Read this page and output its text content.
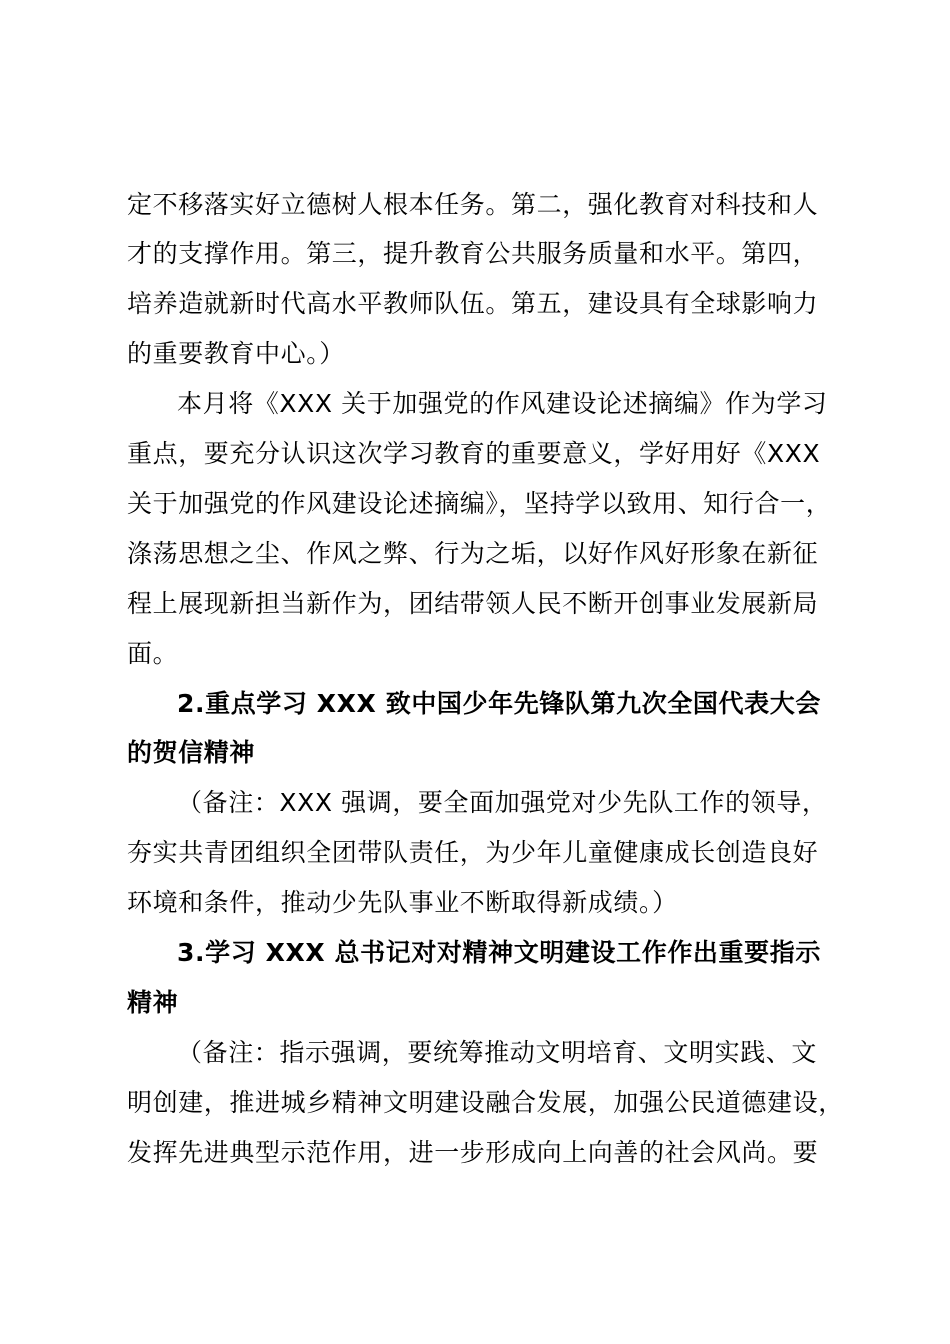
定不移落实好立德树人根本任务。第二，强化教育对科技和人
才的支撑作用。第三，提升教育公共服务质量和水平。第四，
培养造就新时代高水平教师队伍。第五，建设具有全球影响力
的重要教育中心。）
本月将《XXX 关于加强党的作风建设论述摘编》作为学习
重点，要充分认识这次学习教育的重要意义，学好用好《XXX
关于加强党的作风建设论述摘编》，坚持学以致用、知行合一，
涤荡思想之尘、作风之弊、行为之垢，以好作风好形象在新征
程上展现新担当新作为，团结带领人民不断开创事业发展新局
面。
2.重点学习 XXX 致中国少年先锋队第九次全国代表大会
的贺信精神
（备注：XXX 强调，要全面加强党对少先队工作的领导，
夯实共青团组织全团带队责任，为少年儿童健康成长创造良好
环境和条件，推动少先队事业不断取得新成绩。）
3.学习 XXX 总书记对对精神文明建设工作作出重要指示
精神
（备注：指示强调，要统筹推动文明培育、文明实践、文
明创建，推进城乡精神文明建设融合发展，加强公民道德建设，
发挥先进典型示范作用，进一步形成向上向善的社会风尚。要
